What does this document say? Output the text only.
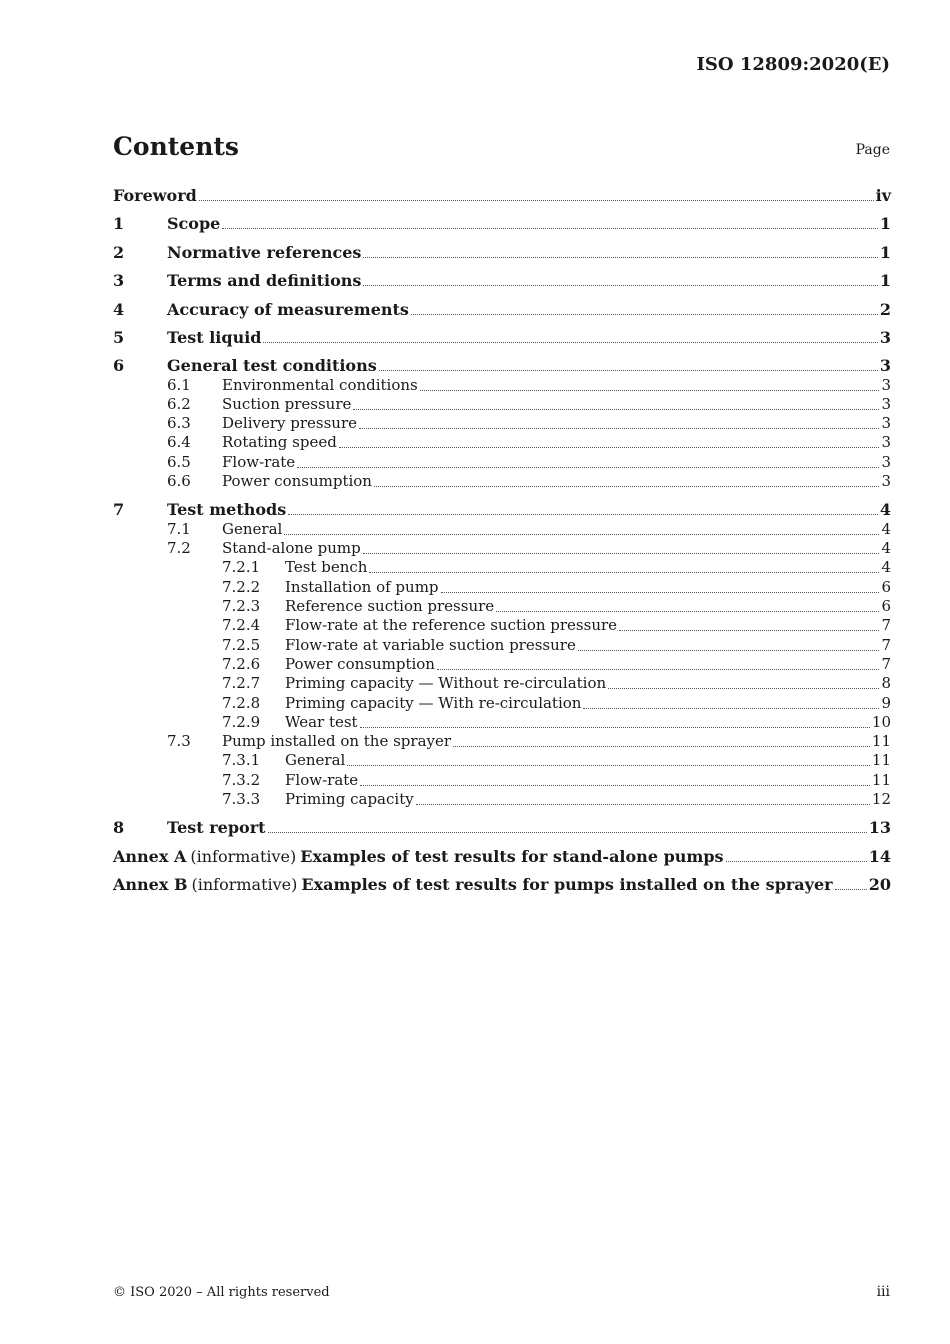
ISO 12809:2020(E)
Contents	Page
Foreword	iv
1	Scope	1
2	Normative references	1
3	Terms and definitions	1
4	Accuracy of measurements	2
5	Test liquid	3
6	General test conditions	3
6.1	Environmental conditions	3
6.2	Suction pressure	3
6.3	Delivery pressure	3
6.4	Rotating speed	3
6.5	Flow-rate	3
6.6	Power consumption	3
7	Test methods	4
7.1	General	4
7.2	Stand-alone pump	4
7.2.1	Test bench	4
7.2.2	Installation of pump	6
7.2.3	Reference suction pressure	6
7.2.4	Flow-rate at the reference suction pressure	7
7.2.5	Flow-rate at variable suction pressure	7
7.2.6	Power consumption	7
7.2.7	Priming capacity — Without re-circulation	8
7.2.8	Priming capacity — With re-circulation	9
7.2.9	Wear test	10
7.3	Pump installed on the sprayer	11
7.3.1	General	11
7.3.2	Flow-rate	11
7.3.3	Priming capacity	12
8	Test report	13
Annex A (informative) Examples of test results for stand-alone pumps	14
Annex B (informative) Examples of test results for pumps installed on the sprayer 20
© ISO 2020 – All rights reserved	iii
